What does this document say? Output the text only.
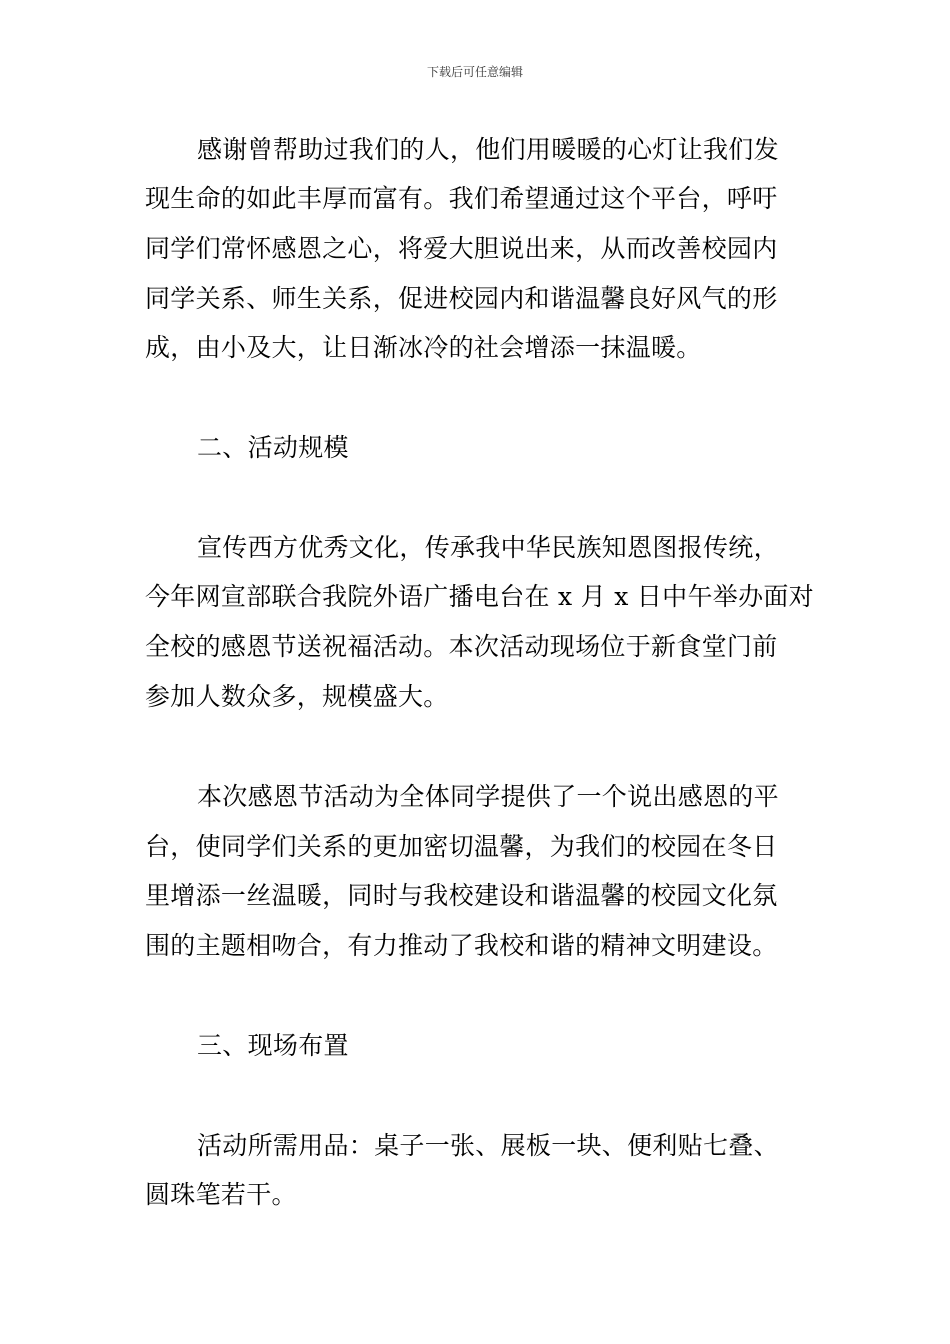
下载后可任意编辑
感谢曾帮助过我们的人，他们用暖暖的心灯让我们发
现生命的如此丰厚而富有。我们希望通过这个平台，呼吁
同学们常怀感恩之心，将爱大胆说出来，从而改善校园内
同学关系、师生关系，促进校园内和谐温馨良好风气的形
成，由小及大，让日渐冰冷的社会增添一抹温暖。
二、活动规模
宣传西方优秀文化，传承我中华民族知恩图报传统，
今年网宣部联合我院外语广播电台在 x 月 x 日中午举办面对
全校的感恩节送祝福活动。本次活动现场位于新食堂门前
参加人数众多，规模盛大。
本次感恩节活动为全体同学提供了一个说出感恩的平
台，使同学们关系的更加密切温馨，为我们的校园在冬日
里增添一丝温暖，同时与我校建设和谐温馨的校园文化氛
围的主题相吻合，有力推动了我校和谐的精神文明建设。
三、现场布置
活动所需用品：桌子一张、展板一块、便利贴七叠、
圆珠笔若干。
